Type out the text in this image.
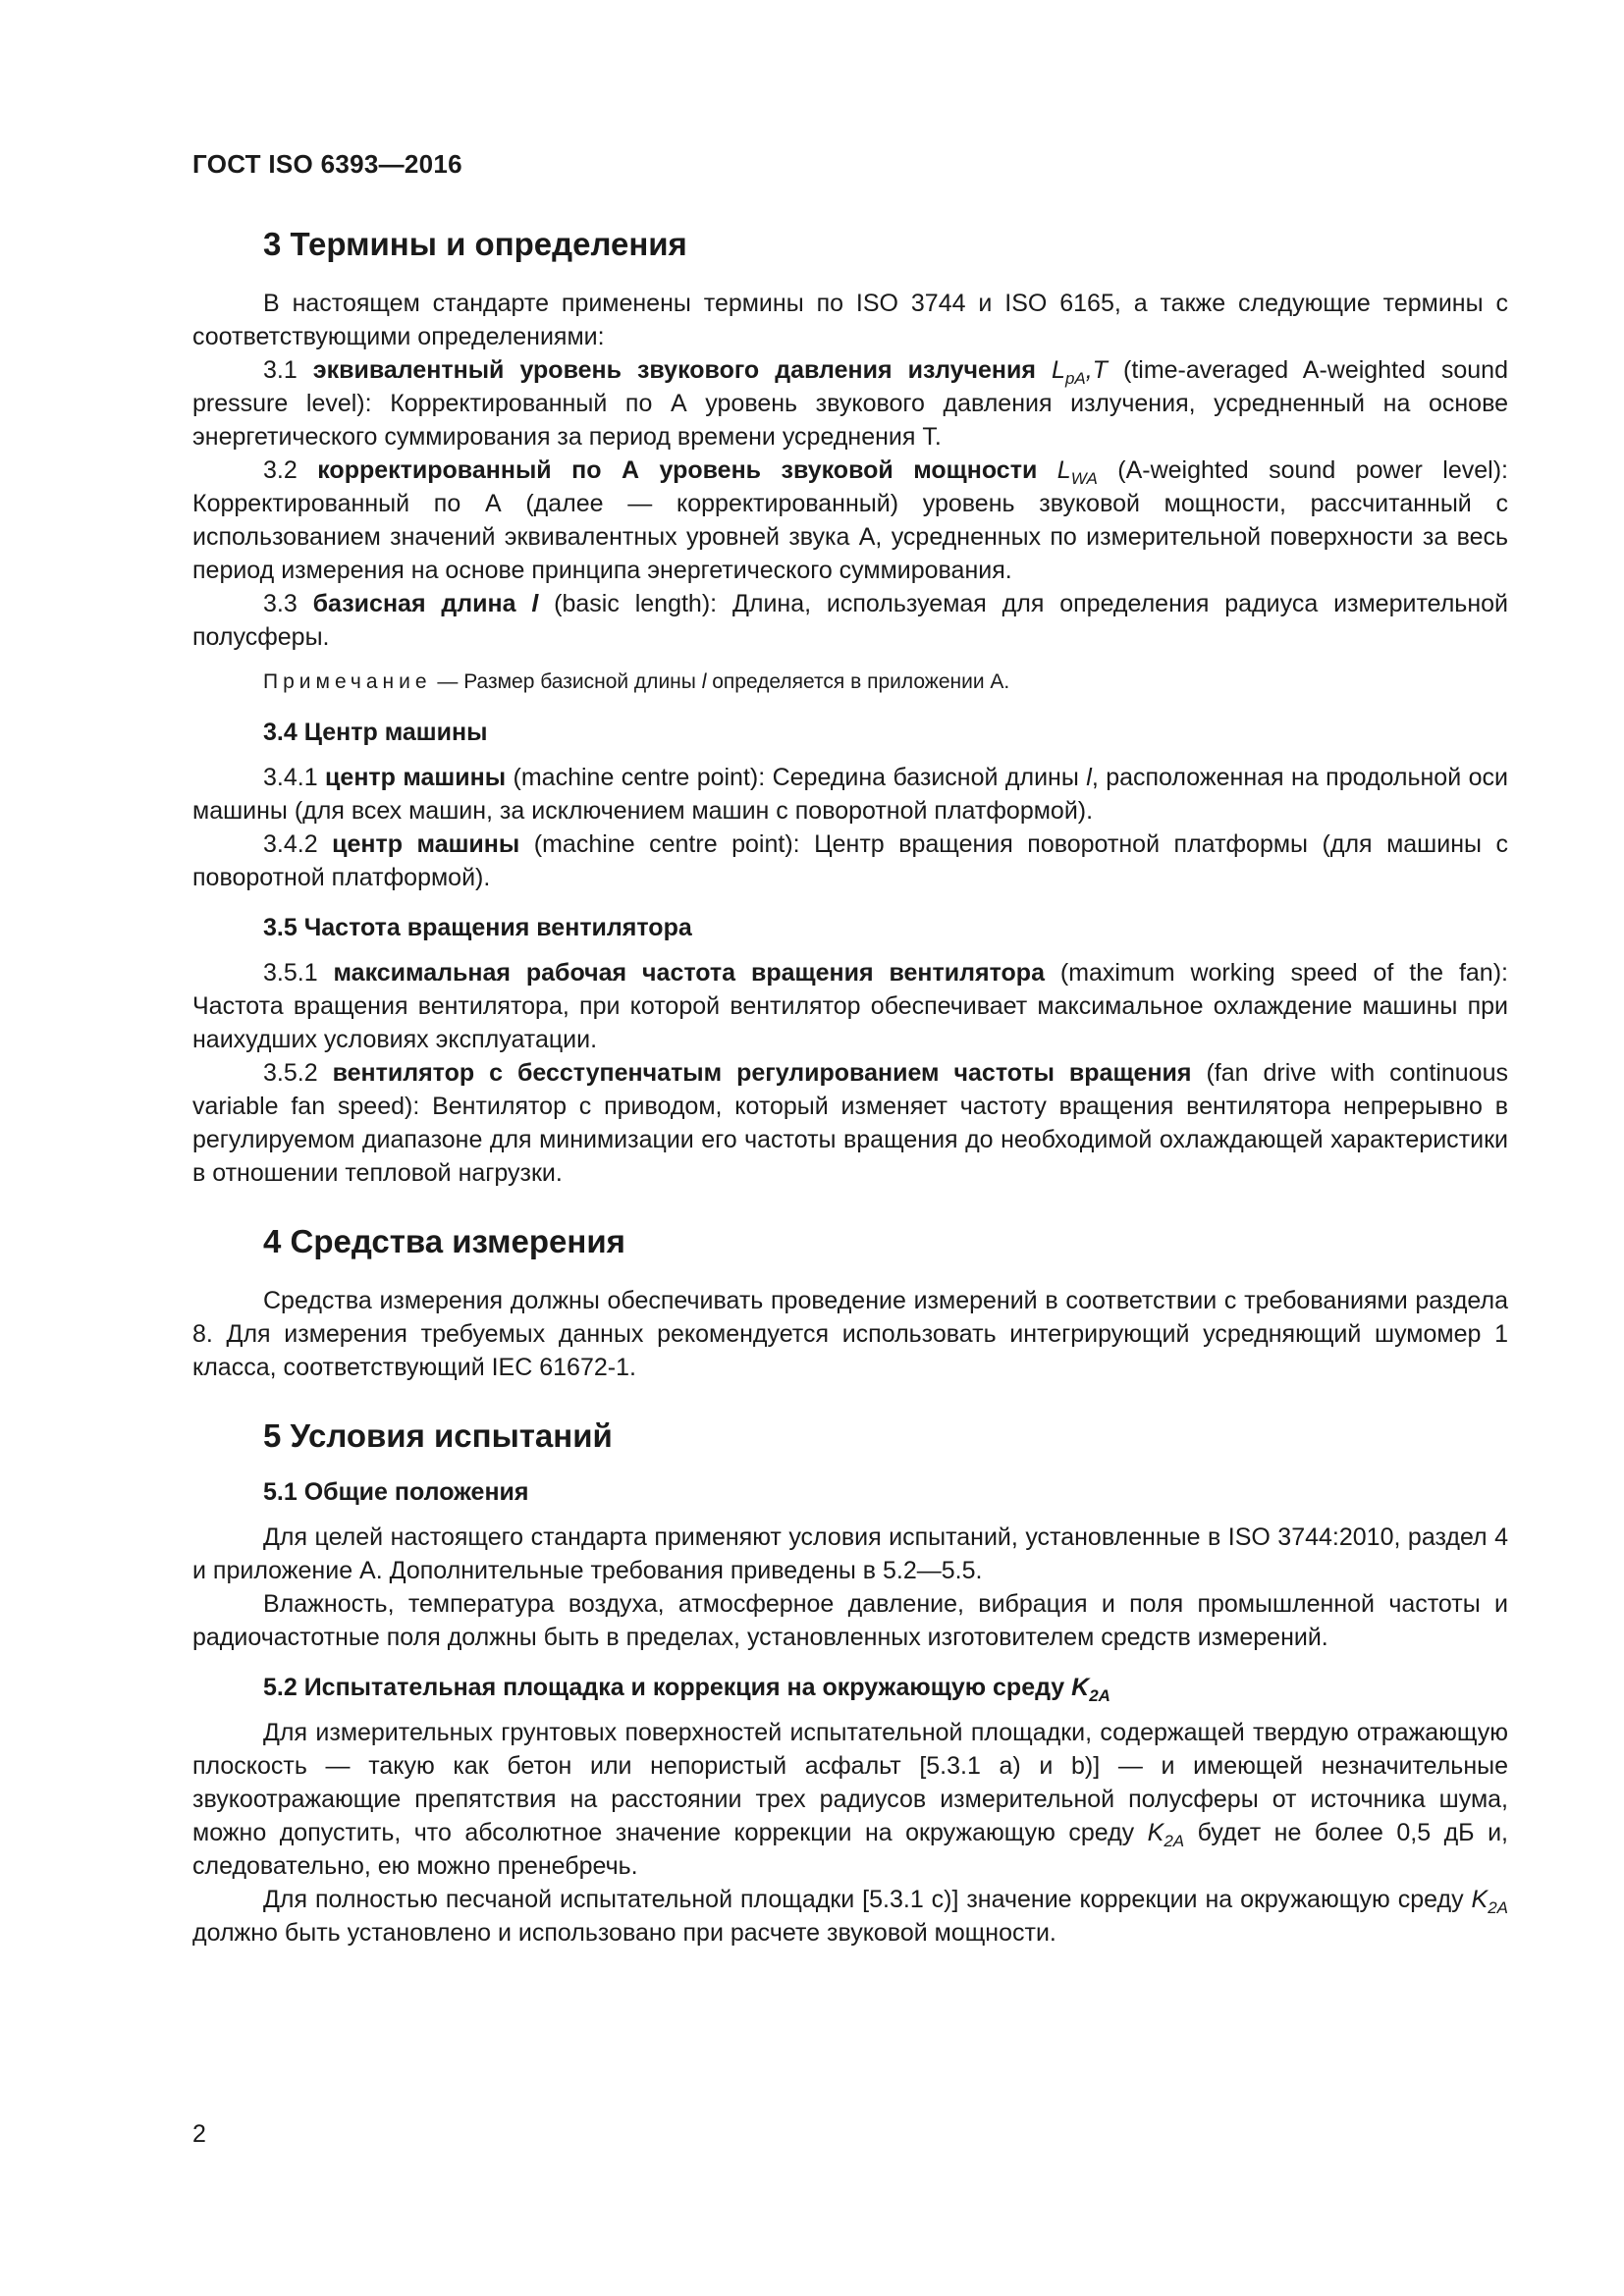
ГОСТ ISO 6393—2016
3 Термины и определения

В настоящем стандарте применены термины по ISO 3744 и ISO 6165, а также следующие термины с соответствующими определениями:

3.1 эквивалентный уровень звукового давления излучения $L_{pA},T$ (time-averaged A-weighted sound pressure level): Корректированный по А уровень звукового давления излучения, усредненный на основе энергетического суммирования за период времени усреднения Т.

3.2 корректированный по А уровень звуковой мощности $L_{WA}$ (A-weighted sound power level): Корректированный по А (далее — корректированный) уровень звуковой мощности, рассчитанный с использованием значений эквивалентных уровней звука А, усредненных по измерительной поверхности за весь период измерения на основе принципа энергетического суммирования.

3.3 базисная длина l (basic length): Длина, используемая для определения радиуса измерительной полусферы.

Примечание — Размер базисной длины l определяется в приложении А.

3.4 Центр машины

3.4.1 центр машины (machine centre point): Середина базисной длины l, расположенная на продольной оси машины (для всех машин, за исключением машин с поворотной платформой).

3.4.2 центр машины (machine centre point): Центр вращения поворотной платформы (для машины с поворотной платформой).

3.5 Частота вращения вентилятора

3.5.1 максимальная рабочая частота вращения вентилятора (maximum working speed of the fan): Частота вращения вентилятора, при которой вентилятор обеспечивает максимальное охлаждение машины при наихудших условиях эксплуатации.

3.5.2 вентилятор с бесступенчатым регулированием частоты вращения (fan drive with continuous variable fan speed): Вентилятор с приводом, который изменяет частоту вращения вентилятора непрерывно в регулируемом диапазоне для минимизации его частоты вращения до необходимой охлаждающей характеристики в отношении тепловой нагрузки.

4 Средства измерения

Средства измерения должны обеспечивать проведение измерений в соответствии с требованиями раздела 8. Для измерения требуемых данных рекомендуется использовать интегрирующий усредняющий шумомер 1 класса, соответствующий IEC 61672-1.

5 Условия испытаний
5.1 Общие положения

Для целей настоящего стандарта применяют условия испытаний, установленные в ISO 3744:2010, раздел 4 и приложение А. Дополнительные требования приведены в 5.2—5.5.

Влажность, температура воздуха, атмосферное давление, вибрация и поля промышленной частоты и радиочастотные поля должны быть в пределах, установленных изготовителем средств измерений.

5.2 Испытательная площадка и коррекция на окружающую среду $K_{2A}$

Для измерительных грунтовых поверхностей испытательной площадки, содержащей твердую отражающую плоскость — такую как бетон или непористый асфальт [5.3.1 a) и b)] — и имеющей незначительные звукоотражающие препятствия на расстоянии трех радиусов измерительной полусферы от источника шума, можно допустить, что абсолютное значение коррекции на окружающую среду $K_{2A}$ будет не более 0,5 дБ и, следовательно, ею можно пренебречь.

Для полностью песчаной испытательной площадки [5.3.1 c)] значение коррекции на окружающую среду $K_{2A}$ должно быть установлено и использовано при расчете звуковой мощности.

2
